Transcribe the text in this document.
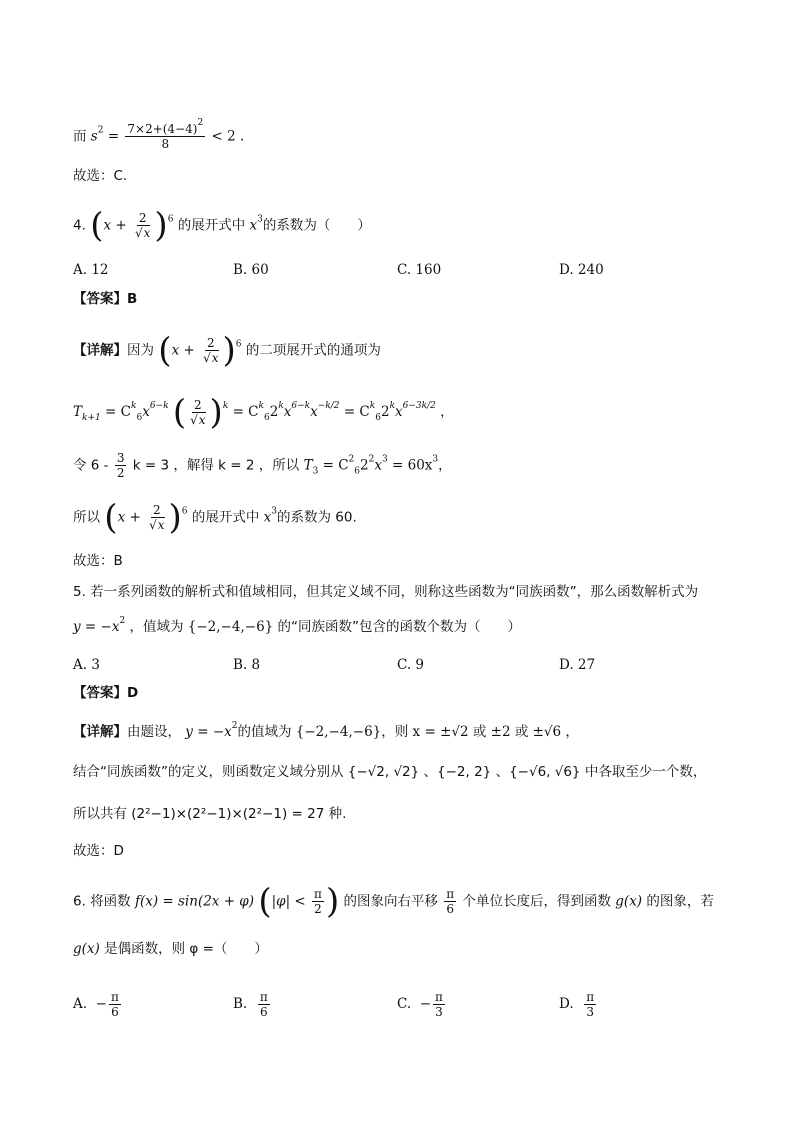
而 $s^2 = \frac{7\times 2+(4-4)^2}{8} < 2$ .
故选：C.
4. $(x + \frac{2}{√x} )^6$ 的展开式中 $x^3$的系数为（　　）
A. 12	B. 60	C. 160	D. 240
【答案】B
【详解】因为 $(x + \frac{2}{√x} )^6$ 的二项展开式的通项为
$T_{k+1} = C^k_6x^{6-k}$ ( $\frac{2}{√x} )^k = C^k_62^kx^{6-k}x^{-k/2} = C^k_62^kx^{6-3k/2}$ ，
令 $6 - \frac{3}{2}$ k = 3 ，解得 k = 2 ，所以 $T_3 = C^2_62^2x^3 = 60x^3$，
所以 $(x + \frac{2}{√x} )^6$ 的展开式中 $x^3$的系数为 60.
故选：B
5. 若一系列函数的解析式和值域相同，但其定义域不同，则称这些函数为“同族函数”，那么函数解析式为
$y = -x^2$ ，值域为 {−2,−4,−6} 的“同族函数”包含的函数个数为（　　）
A. 3	B. 8	C. 9	D. 27
【答案】D
【详解】由题设， $y = -x^2$的值域为 {−2,−4,−6}，则 x = ±√2 或 ±2 或 ±√6 ，
结合“同族函数”的定义，则函数定义域分别从 {−√2, √2} 、{−2, 2} 、{−√6, √6} 中各取至少一个数，
所以共有 (2²−1)×(2²−1)×(2²−1) = 27 种.
故选：D
6. 将函数 f(x) = sin(2x + φ) ($|\varphi| < \frac{\pi}{2}$ ) 的图象向右平移 $\frac{\pi}{6}$ 个单位长度后，得到函数 g(x) 的图象，若
g(x) 是偶函数，则 φ =（　　）
A. − $\frac{\pi}{6}$	B. $\frac{\pi}{6}$	C. − $\frac{\pi}{3}$	D. $\frac{\pi}{3}$
